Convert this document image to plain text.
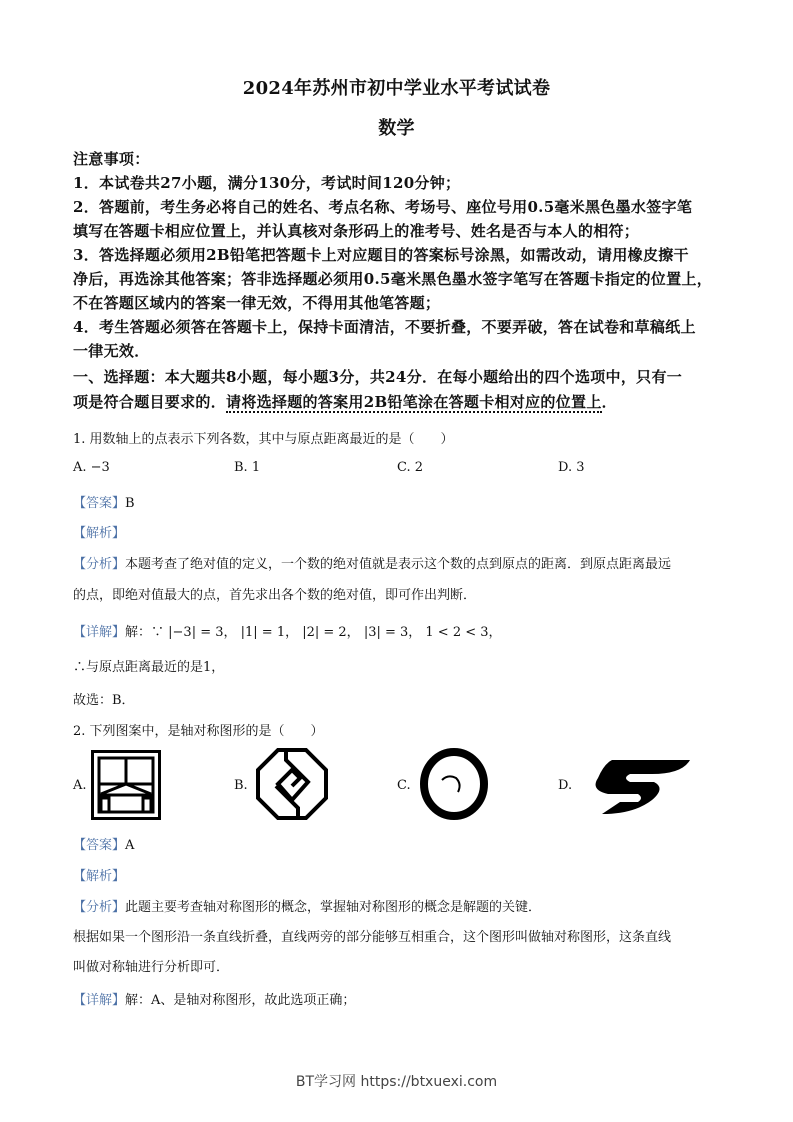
2024年苏州市初中学业水平考试试卷
数学
注意事项：
1．本试卷共27小题，满分130分，考试时间120分钟；
2．答题前，考生务必将自己的姓名、考点名称、考场号、座位号用0.5毫米黑色墨水签字笔
填写在答题卡相应位置上，并认真核对条形码上的准考号、姓名是否与本人的相符；
3．答选择题必须用2B铅笔把答题卡上对应题目的答案标号涂黑，如需改动，请用橡皮擦干
净后，再选涂其他答案；答非选择题必须用0.5毫米黑色墨水签字笔写在答题卡指定的位置上，
不在答题区域内的答案一律无效，不得用其他笔答题；
4．考生答题必须答在答题卡上，保持卡面清洁，不要折叠，不要弄破，答在试卷和草稿纸上
一律无效．
一、选择题：本大题共8小题，每小题3分，共24分．在每小题给出的四个选项中，只有一
项是符合题目要求的．请将选择题的答案用2B铅笔涂在答题卡相对应的位置上．
1. 用数轴上的点表示下列各数，其中与原点距离最近的是（　　）
A. −3	B. 1	C. 2	D. 3
【答案】B
【解析】
【分析】本题考查了绝对值的定义，一个数的绝对值就是表示这个数的点到原点的距离．到原点距离最远
的点，即绝对值最大的点，首先求出各个数的绝对值，即可作出判断．
【详解】解：∵ |−3| = 3， |1| = 1， |2| = 2， |3| = 3， 1 < 2 < 3，
∴与原点距离最近的是1，
故选：B．
2. 下列图案中，是轴对称图形的是（　　）
A.	B.	C.	D.
【答案】A
【解析】
【分析】此题主要考查轴对称图形的概念，掌握轴对称图形的概念是解题的关键．
根据如果一个图形沿一条直线折叠，直线两旁的部分能够互相重合，这个图形叫做轴对称图形，这条直线
叫做对称轴进行分析即可．
【详解】解：A、是轴对称图形，故此选项正确；
BT学习网 https://btxuexi.com
